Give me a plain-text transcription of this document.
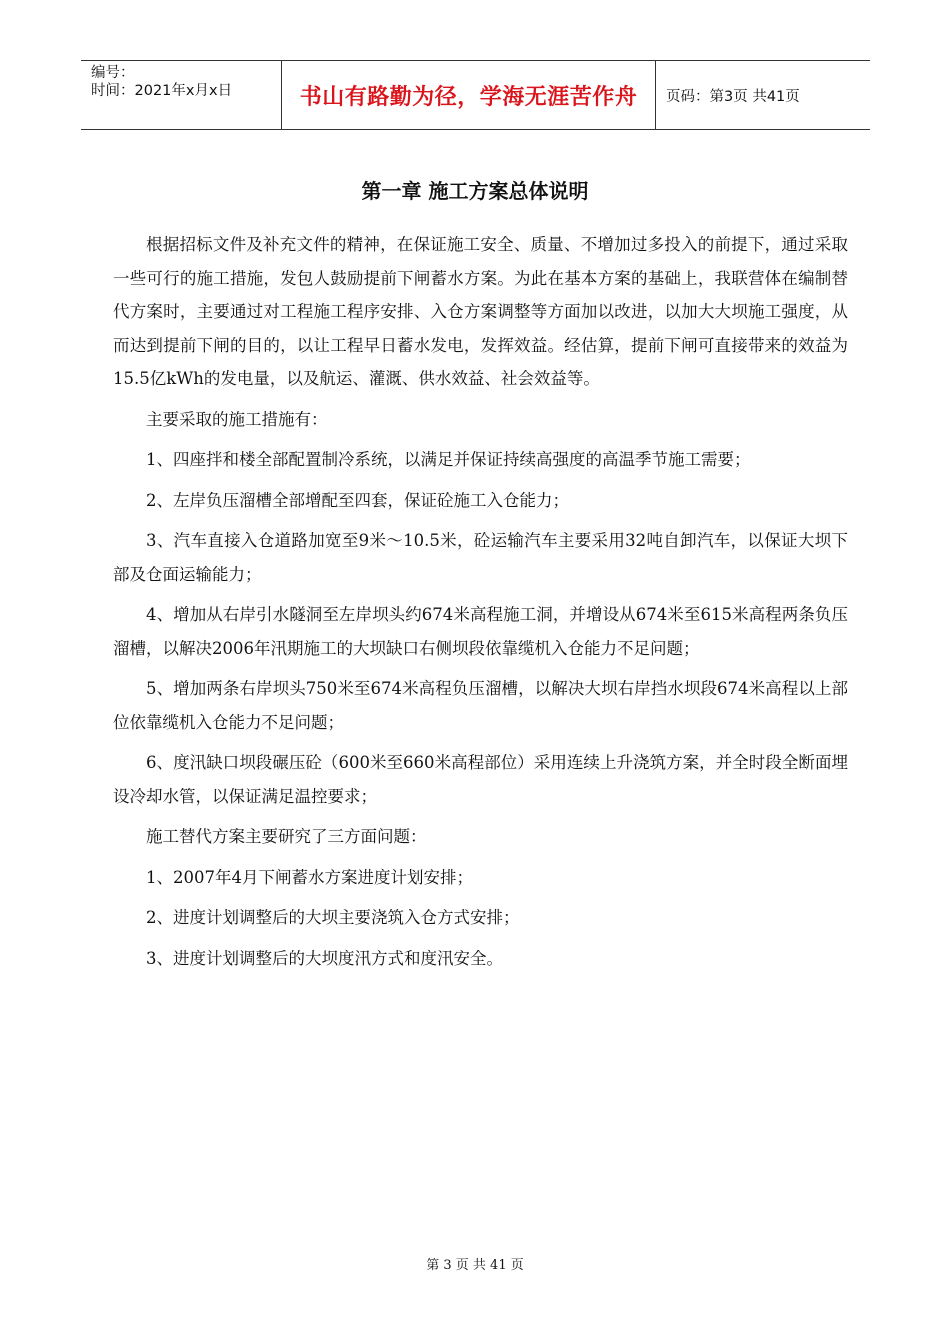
编号：
时间：2021年x月x日	书山有路勤为径，学海无涯苦作舟	页码：第3页 共41页
第一章 施工方案总体说明

根据招标文件及补充文件的精神，在保证施工安全、质量、不增加过多投入的前提下，通过采取一些可行的施工措施，发包人鼓励提前下闸蓄水方案。为此在基本方案的基础上，我联营体在编制替代方案时，主要通过对工程施工程序安排、入仓方案调整等方面加以改进，以加大大坝施工强度，从而达到提前下闸的目的，以让工程早日蓄水发电，发挥效益。经估算，提前下闸可直接带来的效益为15.5亿kWh的发电量，以及航运、灌溉、供水效益、社会效益等。

主要采取的施工措施有：

1、四座拌和楼全部配置制冷系统，以满足并保证持续高强度的高温季节施工需要；

2、左岸负压溜槽全部增配至四套，保证砼施工入仓能力；

3、汽车直接入仓道路加宽至9米～10.5米，砼运输汽车主要采用32吨自卸汽车，以保证大坝下部及仓面运输能力；

4、增加从右岸引水隧洞至左岸坝头约674米高程施工洞，并增设从674米至615米高程两条负压溜槽，以解决2006年汛期施工的大坝缺口右侧坝段依靠缆机入仓能力不足问题；

5、增加两条右岸坝头750米至674米高程负压溜槽，以解决大坝右岸挡水坝段674米高程以上部位依靠缆机入仓能力不足问题；

6、度汛缺口坝段碾压砼（600米至660米高程部位）采用连续上升浇筑方案，并全时段全断面埋设冷却水管，以保证满足温控要求；

施工替代方案主要研究了三方面问题：

1、2007年4月下闸蓄水方案进度计划安排；

2、进度计划调整后的大坝主要浇筑入仓方式安排；

3、进度计划调整后的大坝度汛方式和度汛安全。

第 3 页 共 41 页
